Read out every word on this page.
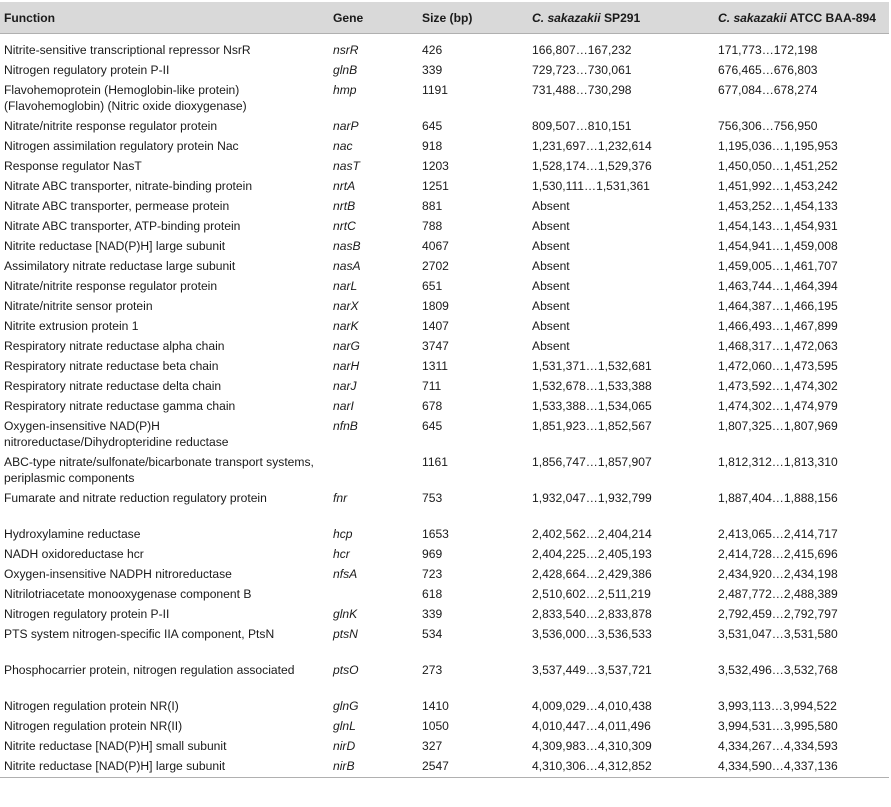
Function	Gene	Size (bp)	C. sakazakii SP291	C. sakazakii ATCC BAA-894
Nitrite-sensitive transcriptional repressor NsrR	nsrR	426	166,807…167,232	171,773…172,198
Nitrogen regulatory protein P-II	glnB	339	729,723…730,061	676,465…676,803
Flavohemoprotein (Hemoglobin-like protein) (Flavohemoglobin) (Nitric oxide dioxygenase)	hmp	1191	731,488…730,298	677,084…678,274
Nitrate/nitrite response regulator protein	narP	645	809,507…810,151	756,306…756,950
Nitrogen assimilation regulatory protein Nac	nac	918	1,231,697…1,232,614	1,195,036…1,195,953
Response regulator NasT	nasT	1203	1,528,174…1,529,376	1,450,050…1,451,252
Nitrate ABC transporter, nitrate-binding protein	nrtA	1251	1,530,111…1,531,361	1,451,992…1,453,242
Nitrate ABC transporter, permease protein	nrtB	881	Absent	1,453,252…1,454,133
Nitrate ABC transporter, ATP-binding protein	nrtC	788	Absent	1,454,143…1,454,931
Nitrite reductase [NAD(P)H] large subunit	nasB	4067	Absent	1,454,941…1,459,008
Assimilatory nitrate reductase large subunit	nasA	2702	Absent	1,459,005…1,461,707
Nitrate/nitrite response regulator protein	narL	651	Absent	1,463,744…1,464,394
Nitrate/nitrite sensor protein	narX	1809	Absent	1,464,387…1,466,195
Nitrite extrusion protein 1	narK	1407	Absent	1,466,493…1,467,899
Respiratory nitrate reductase alpha chain	narG	3747	Absent	1,468,317…1,472,063
Respiratory nitrate reductase beta chain	narH	1311	1,531,371…1,532,681	1,472,060…1,473,595
Respiratory nitrate reductase delta chain	narJ	711	1,532,678…1,533,388	1,473,592…1,474,302
Respiratory nitrate reductase gamma chain	narI	678	1,533,388…1,534,065	1,474,302…1,474,979
Oxygen-insensitive NAD(P)H nitroreductase/Dihydropteridine reductase	nfnB	645	1,851,923…1,852,567	1,807,325…1,807,969
ABC-type nitrate/sulfonate/bicarbonate transport systems, periplasmic components		1161	1,856,747…1,857,907	1,812,312…1,813,310
Fumarate and nitrate reduction regulatory protein	fnr	753	1,932,047…1,932,799	1,887,404…1,888,156
Hydroxylamine reductase	hcp	1653	2,402,562…2,404,214	2,413,065…2,414,717
NADH oxidoreductase hcr	hcr	969	2,404,225…2,405,193	2,414,728…2,415,696
Oxygen-insensitive NADPH nitroreductase	nfsA	723	2,428,664…2,429,386	2,434,920…2,434,198
Nitrilotriacetate monooxygenase component B		618	2,510,602…2,511,219	2,487,772…2,488,389
Nitrogen regulatory protein P-II	glnK	339	2,833,540…2,833,878	2,792,459…2,792,797
PTS system nitrogen-specific IIA component, PtsN	ptsN	534	3,536,000…3,536,533	3,531,047…3,531,580
Phosphocarrier protein, nitrogen regulation associated	ptsO	273	3,537,449…3,537,721	3,532,496…3,532,768
Nitrogen regulation protein NR(I)	glnG	1410	4,009,029…4,010,438	3,993,113…3,994,522
Nitrogen regulation protein NR(II)	glnL	1050	4,010,447…4,011,496	3,994,531…3,995,580
Nitrite reductase [NAD(P)H] small subunit	nirD	327	4,309,983…4,310,309	4,334,267…4,334,593
Nitrite reductase [NAD(P)H] large subunit	nirB	2547	4,310,306…4,312,852	4,334,590…4,337,136
